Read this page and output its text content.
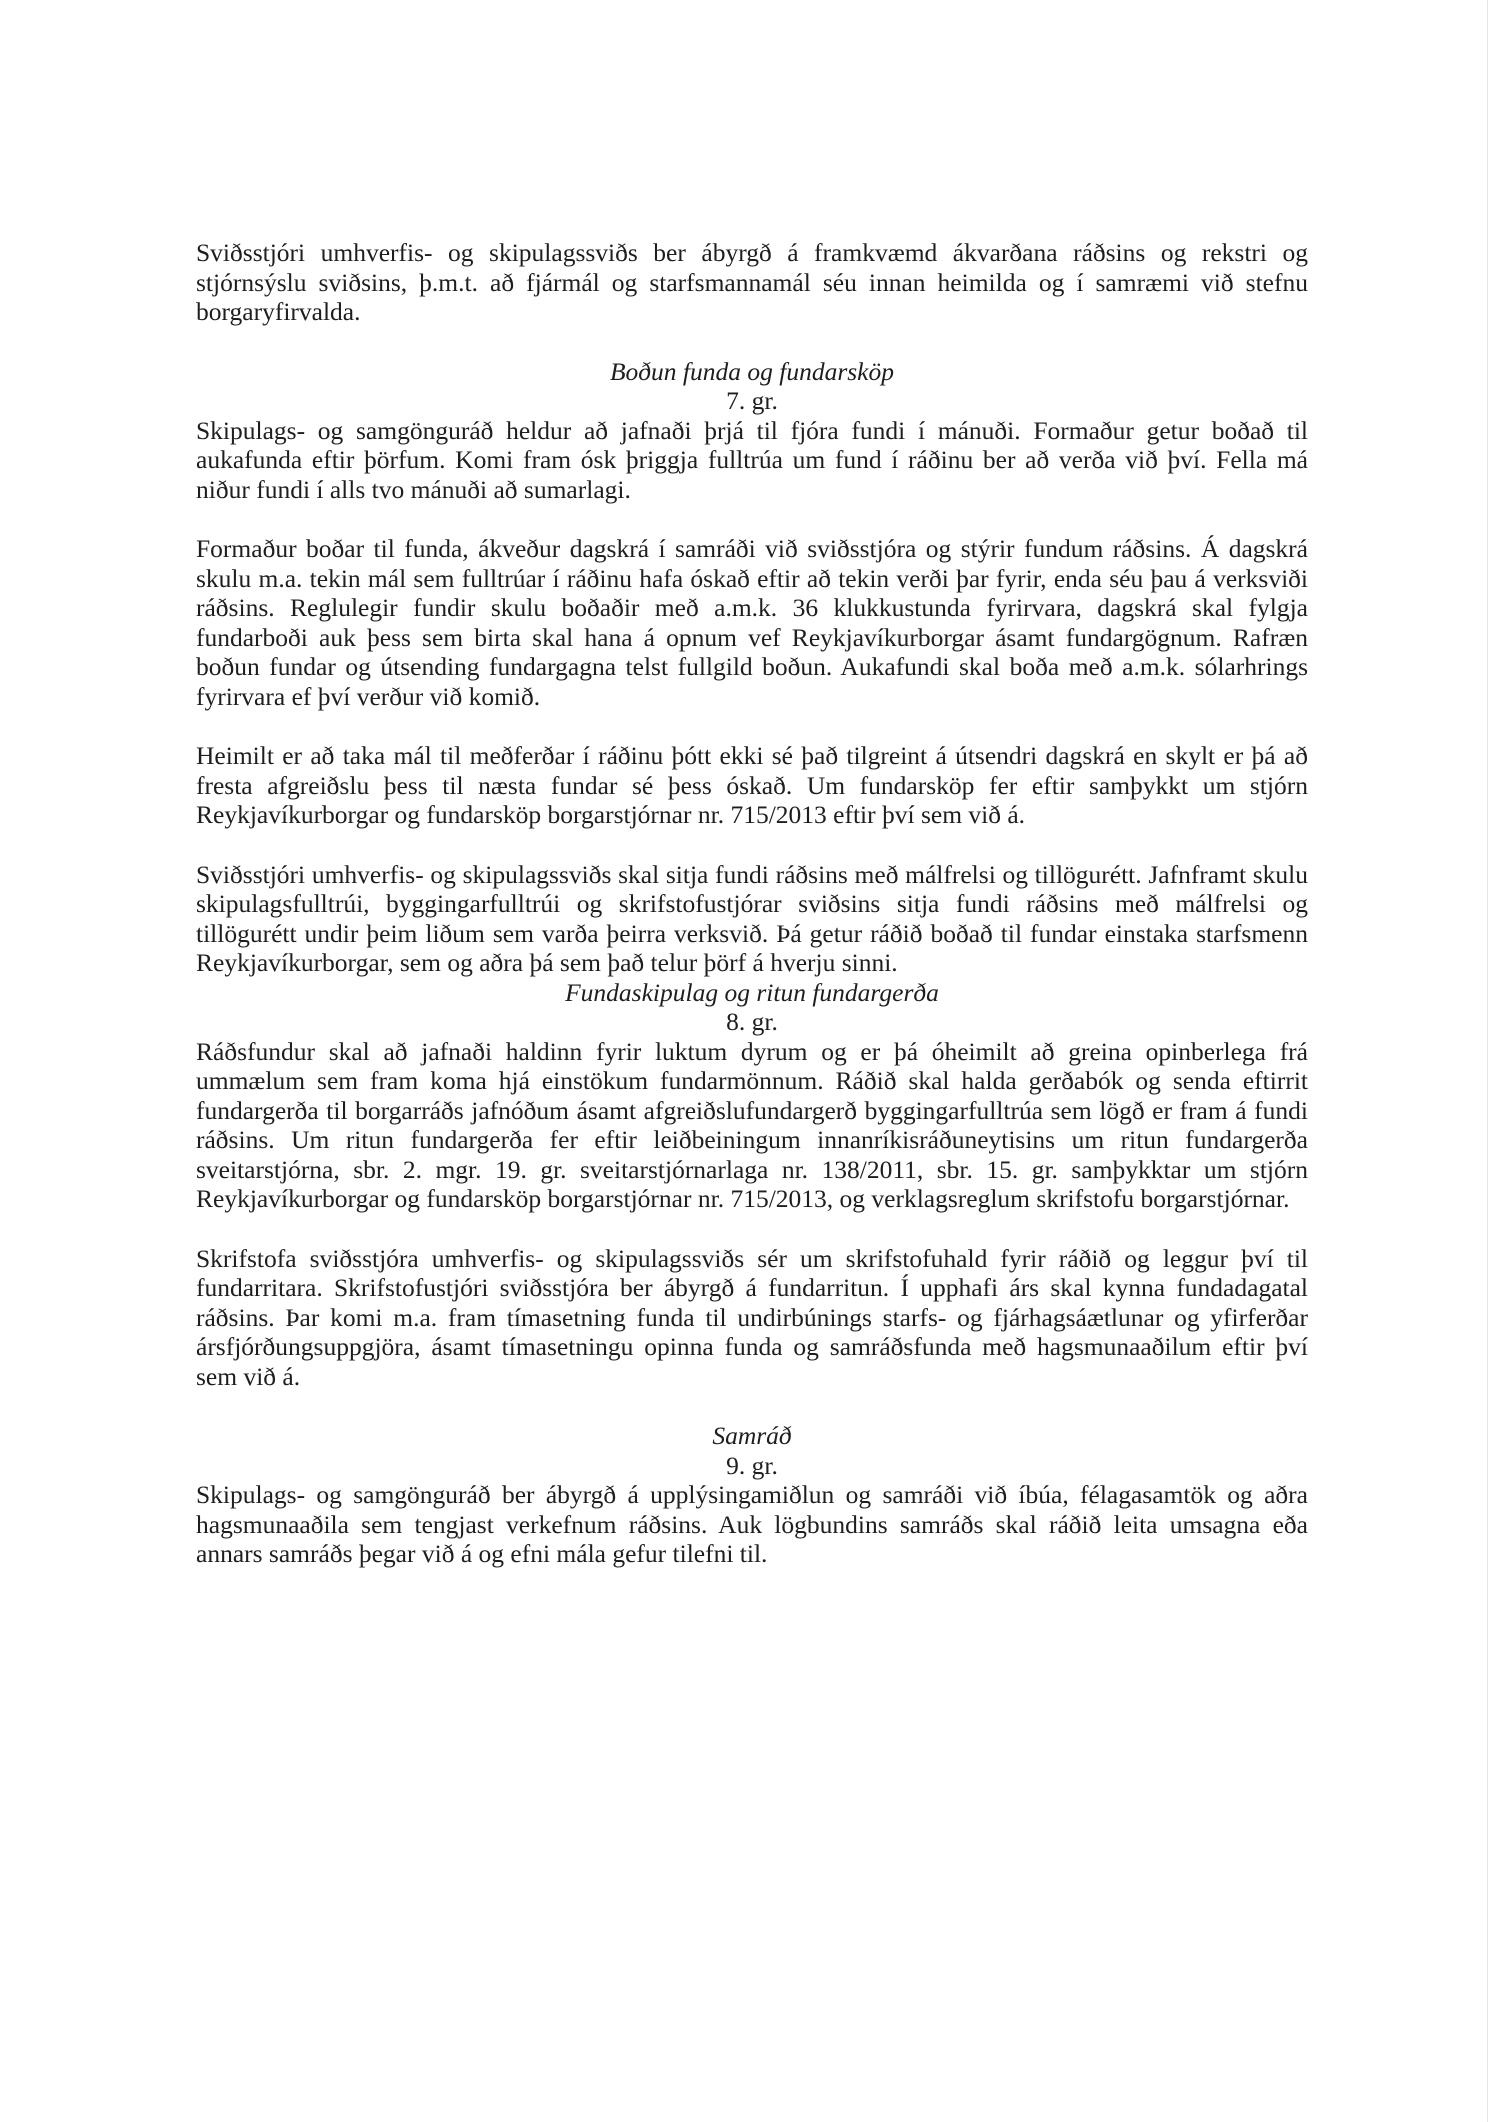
Sviðsstjóri umhverfis- og skipulagssviðs ber ábyrgð á framkvæmd ákvarðana ráðsins og rekstri og stjórnsýslu sviðsins, þ.m.t. að fjármál og starfsmannamál séu innan heimilda og í samræmi við stefnu borgaryfirvalda.

Boðun funda og fundarsköp

7. gr.

Skipulags- og samgönguráð heldur að jafnaði þrjá til fjóra fundi í mánuði. Formaður getur boðað til aukafunda eftir þörfum. Komi fram ósk þriggja fulltrúa um fund í ráðinu ber að verða við því. Fella má niður fundi í alls tvo mánuði að sumarlagi.

Formaður boðar til funda, ákveður dagskrá í samráði við sviðsstjóra og stýrir fundum ráðsins. Á dagskrá skulu m.a. tekin mál sem fulltrúar í ráðinu hafa óskað eftir að tekin verði þar fyrir, enda séu þau á verksviði ráðsins. Reglulegir fundir skulu boðaðir með a.m.k. 36 klukkustunda fyrirvara, dagskrá skal fylgja fundarboði auk þess sem birta skal hana á opnum vef Reykjavíkurborgar ásamt fundargögnum. Rafræn boðun fundar og útsending fundargagna telst fullgild boðun. Aukafundi skal boða með a.m.k. sólarhrings fyrirvara ef því verður við komið.

Heimilt er að taka mál til meðferðar í ráðinu þótt ekki sé það tilgreint á útsendri dagskrá en skylt er þá að fresta afgreiðslu þess til næsta fundar sé þess óskað. Um fundarsköp fer eftir samþykkt um stjórn Reykjavíkurborgar og fundarsköp borgarstjórnar nr. 715/2013 eftir því sem við á.

Sviðsstjóri umhverfis- og skipulagssviðs skal sitja fundi ráðsins með málfrelsi og tillögurétt. Jafnframt skulu skipulagsfulltrúi, byggingarfulltrúi og skrifstofustjórar sviðsins sitja fundi ráðsins með málfrelsi og tillögurétt undir þeim liðum sem varða þeirra verksvið. Þá getur ráðið boðað til fundar einstaka starfsmenn Reykjavíkurborgar, sem og aðra þá sem það telur þörf á hverju sinni.

Fundaskipulag og ritun fundargerða

8. gr.

Ráðsfundur skal að jafnaði haldinn fyrir luktum dyrum og er þá óheimilt að greina opinberlega frá ummælum sem fram koma hjá einstökum fundarmönnum. Ráðið skal halda gerðabók og senda eftirrit fundargerða til borgarráðs jafnóðum ásamt afgreiðslufundargerð byggingarfulltrúa sem lögð er fram á fundi ráðsins. Um ritun fundargerða fer eftir leiðbeiningum innanríkisráðuneytisins um ritun fundargerða sveitarstjórna, sbr. 2. mgr. 19. gr. sveitarstjórnarlaga nr. 138/2011, sbr. 15. gr. samþykktar um stjórn Reykjavíkurborgar og fundarsköp borgarstjórnar nr. 715/2013, og verklagsreglum skrifstofu borgarstjórnar.

Skrifstofa sviðsstjóra umhverfis- og skipulagssviðs sér um skrifstofuhald fyrir ráðið og leggur því til fundarritara. Skrifstofustjóri sviðsstjóra ber ábyrgð á fundarritun. Í upphafi árs skal kynna fundadagatal ráðsins. Þar komi m.a. fram tímasetning funda til undirbúnings starfs- og fjárhagsáætlunar og yfirferðar ársfjórðungsuppgjöra, ásamt tímasetningu opinna funda og samráðsfunda með hagsmunaaðilum eftir því sem við á.

Samráð

9. gr.

Skipulags- og samgönguráð ber ábyrgð á upplýsingamiðlun og samráði við íbúa, félagasamtök og aðra hagsmunaaðila sem tengjast verkefnum ráðsins. Auk lögbundins samráðs skal ráðið leita umsagna eða annars samráðs þegar við á og efni mála gefur tilefni til.
